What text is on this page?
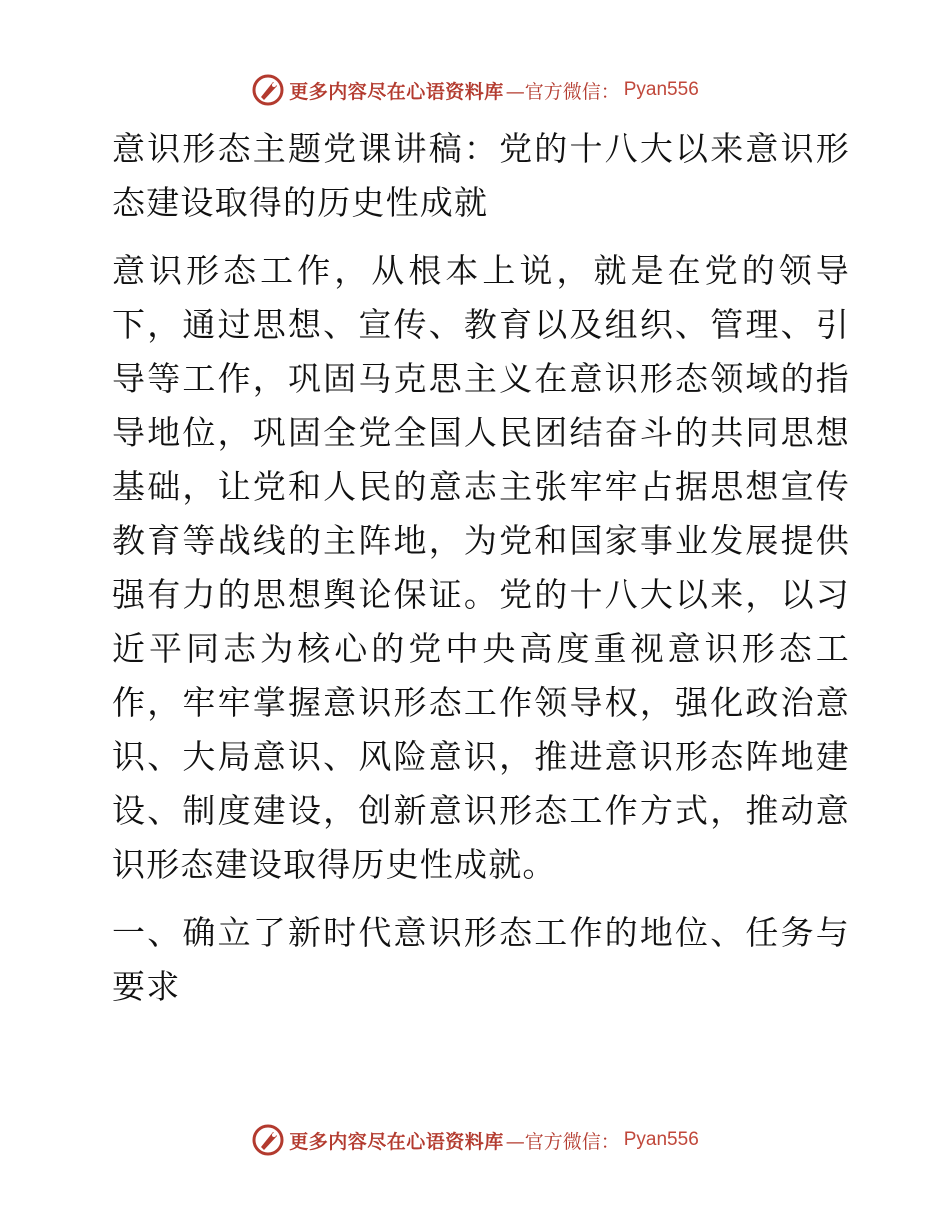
更多内容尽在心语资料库 —官方微信： Pyan556

意识形态主题党课讲稿：党的十八大以来意识形态建设取得的历史性成就

意识形态工作，从根本上说，就是在党的领导下，通过思想、宣传、教育以及组织、管理、引导等工作，巩固马克思主义在意识形态领域的指导地位，巩固全党全国人民团结奋斗的共同思想基础，让党和人民的意志主张牢牢占据思想宣传教育等战线的主阵地，为党和国家事业发展提供强有力的思想舆论保证。党的十八大以来，以习近平同志为核心的党中央高度重视意识形态工作，牢牢掌握意识形态工作领导权，强化政治意识、大局意识、风险意识，推进意识形态阵地建设、制度建设，创新意识形态工作方式，推动意识形态建设取得历史性成就。

一、确立了新时代意识形态工作的地位、任务与要求

更多内容尽在心语资料库 —官方微信： Pyan556
